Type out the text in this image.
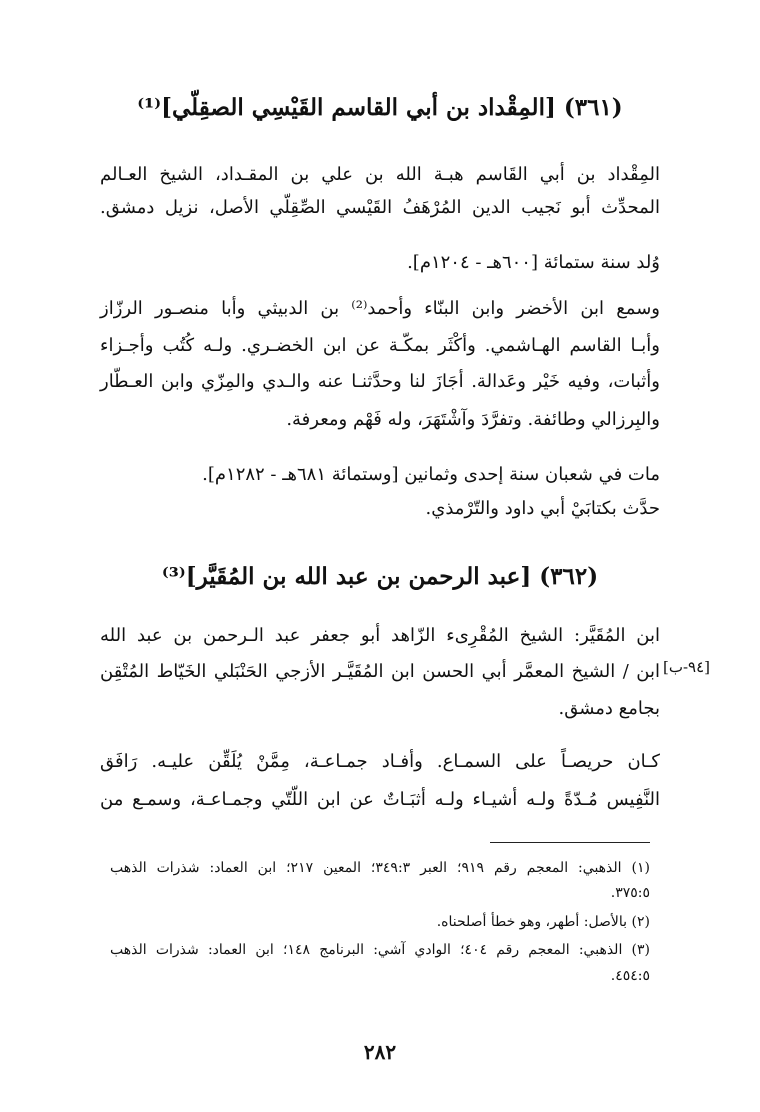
(٣٦١) [المِقْداد بن أبي القاسم القَيْسِي الصقِلّي]⁽¹⁾
المِقْداد بن أبي القَاسم هبـة الله بن علي بن المقـداد، الشيخ العـالم
المحدِّث أبو نَجيب الدين المُرْهَفُ القَيْسي الصِّقِلّي الأصل، نزيل دمشق.
وُلد سنة ستمائة [٦٠٠هـ - ١٢٠٤م].
وسمع ابن الأخضر وابن البنّاء وأحمد⁽²⁾ بن الدبيثي وأبا منصـور الرزّاز
وأبـا القاسم الهـاشمي. وأكْثَر بمكّـة عن ابن الخضـري. ولـه كُتُب وأجـزاء
وأثبات، وفيه خَيْر وعَدالة. أجَازَ لنا وحدَّثنـا عنه والـدي والمِزّي وابن العـطّار
والبِرزالي وطائفة. وتفرَّدَ وآشْتَهَرَ، وله فَهْم ومعرفة.
مات في شعبان سنة إحدى وثمانين [وستمائة ٦٨١هـ - ١٢٨٢م].
حدَّث بكتابَيْ أبي داود والتّرْمذي.
(٣٦٢) [عبد الرحمن بن عبد الله بن المُقَيَّر]⁽³⁾
ابن المُقَيَّر: الشيخ المُقْرِىء الزّاهد أبو جعفر عبد الـرحمن بن عبد الله
ابن / الشيخ المعمَّر أبي الحسن ابن المُقَيَّـر الأزجي الحَنْبَلي الخَيّاط المُتْقِن [٩٤-ب]
بجامع دمشق.
كـان حريصـاً على السمـاع. وأفـاد جمـاعـة، مِمَّنْ يُلَقِّن عليـه. رَافَق
النَّفِيس مُـدّةً ولـه أشيـاء ولـه أثبَـاتٌ عن ابن اللّتّي وجمـاعـة، وسمـع من
(١) الذهبي: المعجم رقم ٩١٩؛ العبر ٣٤٩:٣؛ المعين ٢١٧؛ ابن العماد: شذرات الذهب
٣٧٥:٥.
(٢) بالأصل: أطهر، وهو خطأ أصلحناه.
(٣) الذهبي: المعجم رقم ٤٠٤؛ الوادي آشي: البرنامج ١٤٨؛ ابن العماد: شذرات الذهب
٤٥٤:٥.
٢٨٢
